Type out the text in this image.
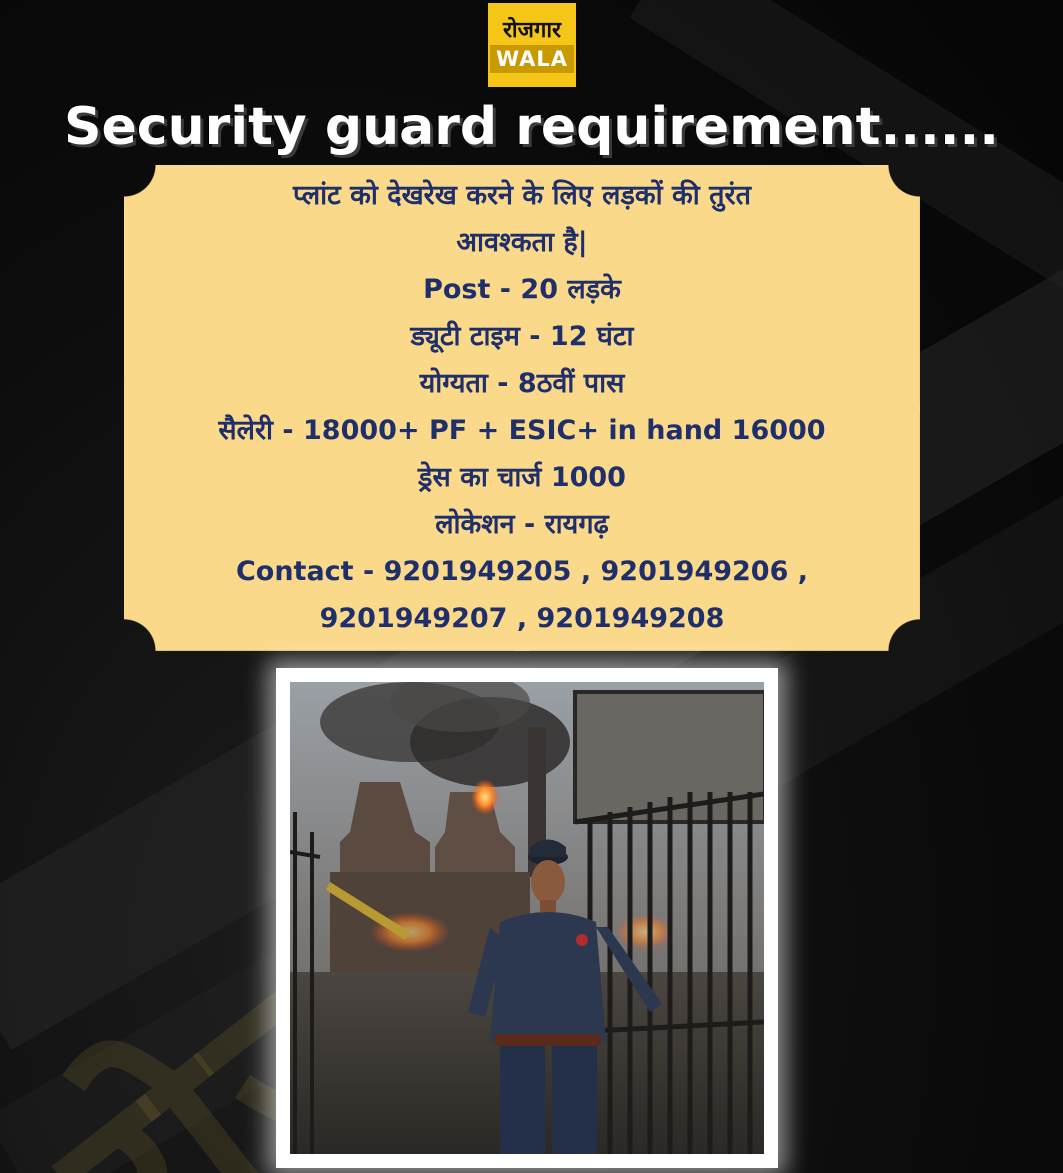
रोजगार
WALA
Security guard requirement......
प्लांट को देखरेख करने के लिए लड़कों की तुरंत
आवश्कता है|
Post - 20 लड़के
ड्यूटी टाइम - 12 घंटा
योग्यता - 8ठवीं पास
सैलेरी - 18000+ PF + ESIC+ in hand 16000
ड्रेस का चार्ज 1000
लोकेशन - रायगढ़
Contact - 9201949205 , 9201949206 ,
9201949207 , 9201949208
